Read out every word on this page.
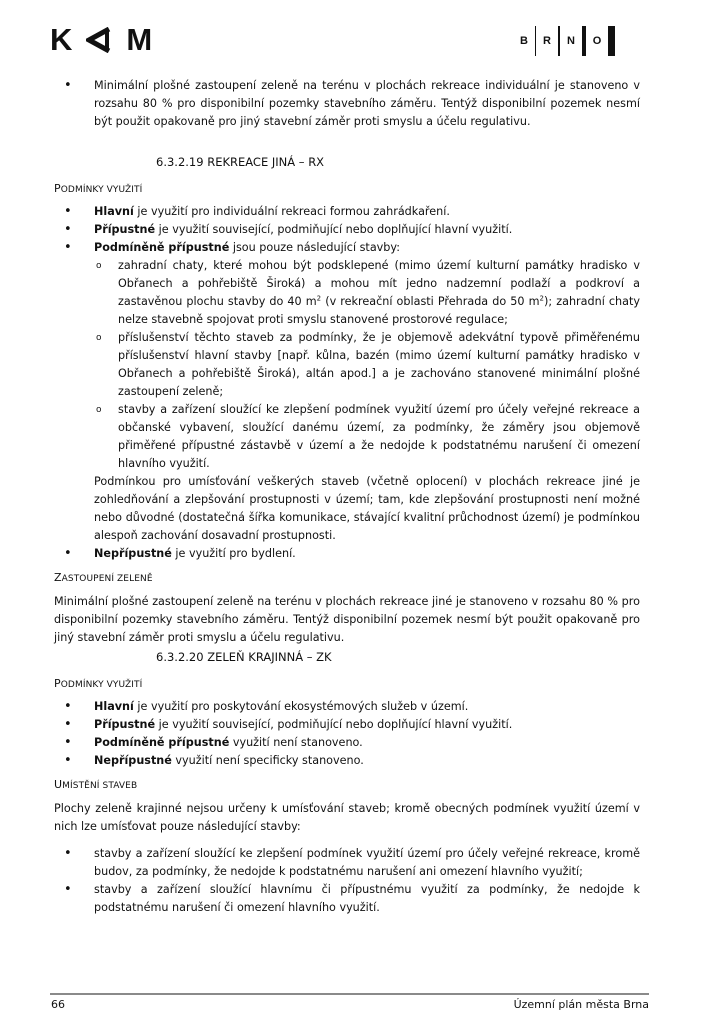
K M	B	R	N	O
• Minimální plošné zastoupení zeleně na terénu v plochách rekreace individuální je stanoveno v rozsahu 80 % pro disponibilní pozemky stavebního záměru. Tentýž disponibilní pozemek nesmí být použit opakovaně pro jiný stavební záměr proti smyslu a účelu regulativu.
6.3.2.19 REKREACE JINÁ – RX
PODMÍNKY VYUŽITÍ
• Hlavní je využití pro individuální rekreaci formou zahrádkaření.
• Přípustné je využití související, podmiňující nebo doplňující hlavní využití.
• Podmíněně přípustné jsou pouze následující stavby:
o zahradní chaty, které mohou být podsklepené (mimo území kulturní památky hradisko v Obřanech a pohřebiště Široká) a mohou mít jedno nadzemní podlaží a podkroví a zastavěnou plochu stavby do 40 $m^2$ (v rekreační oblasti Přehrada do 50 $m^2$); zahradní chaty nelze stavebně spojovat proti smyslu stanovené prostorové regulace;
o příslušenství těchto staveb za podmínky, že je objemově adekvátní typově přiměřenému příslušenství hlavní stavby [např. kůlna, bazén (mimo území kulturní památky hradisko v Obřanech a pohřebiště Široká), altán apod.] a je zachováno stanovené minimální plošné zastoupení zeleně;
o stavby a zařízení sloužící ke zlepšení podmínek využití území pro účely veřejné rekreace a občanské vybavení, sloužící danému území, za podmínky, že záměry jsou objemově přiměřené přípustné zástavbě v území a že nedojde k podstatnému narušení či omezení hlavního využití.

Podmínkou pro umísťování veškerých staveb (včetně oplocení) v plochách rekreace jiné je zohledňování a zlepšování prostupnosti v území; tam, kde zlepšování prostupnosti není možné nebo důvodné (dostatečná šířka komunikace, stávající kvalitní průchodnost území) je podmínkou alespoň zachování dosavadní prostupnosti.

• Nepřípustné je využití pro bydlení.
ZASTOUPENÍ ZELENĚ

Minimální plošné zastoupení zeleně na terénu v plochách rekreace jiné je stanoveno v rozsahu 80 % pro disponibilní pozemky stavebního záměru. Tentýž disponibilní pozemek nesmí být použit opakovaně pro jiný stavební záměr proti smyslu a účelu regulativu.

6.3.2.20 ZELEŇ KRAJINNÁ – ZK
PODMÍNKY VYUŽITÍ
• Hlavní je využití pro poskytování ekosystémových služeb v území.
• Přípustné je využití související, podmiňující nebo doplňující hlavní využití.
• Podmíněně přípustné využití není stanoveno.
• Nepřípustné využití není specificky stanoveno.
UMÍSTĚNÍ STAVEB

Plochy zeleně krajinné nejsou určeny k umísťování staveb; kromě obecných podmínek využití území v nich lze umísťovat pouze následující stavby:

• stavby a zařízení sloužící ke zlepšení podmínek využití území pro účely veřejné rekreace, kromě budov, za podmínky, že nedojde k podstatnému narušení ani omezení hlavního využití;
• stavby a zařízení sloužící hlavnímu či přípustnému využití za podmínky, že nedojde k podstatnému narušení či omezení hlavního využití.
66	Územní plán města Brna
